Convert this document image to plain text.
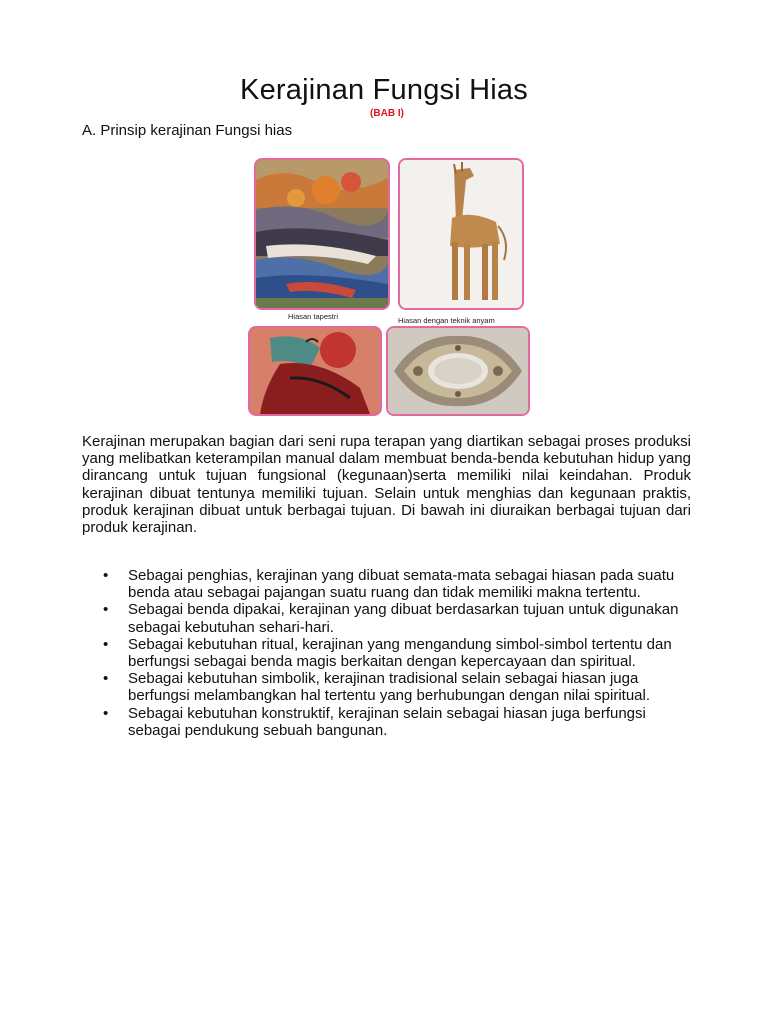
Kerajinan Fungsi Hias
(BAB I)
A. Prinsip kerajinan Fungsi hias
Hiasan tapestri	Hiasan dengan teknik anyam

Kerajinan merupakan bagian dari seni rupa terapan yang diartikan sebagai proses produksi yang melibatkan keterampilan manual dalam membuat benda-benda kebutuhan hidup yang dirancang untuk tujuan fungsional (kegunaan)serta memiliki nilai keindahan. Produk kerajinan dibuat tentunya memiliki tujuan. Selain untuk menghias dan kegunaan praktis, produk kerajinan dibuat untuk berbagai tujuan. Di bawah ini diuraikan berbagai tujuan dari produk kerajinan.

• Sebagai penghias, kerajinan yang dibuat semata-mata sebagai hiasan pada suatu benda atau sebagai pajangan suatu ruang dan tidak memiliki makna tertentu.
• Sebagai benda dipakai, kerajinan yang dibuat berdasarkan tujuan untuk digunakan sebagai kebutuhan sehari-hari.
• Sebagai kebutuhan ritual, kerajinan yang mengandung simbol-simbol tertentu dan berfungsi sebagai benda magis berkaitan dengan kepercayaan dan spiritual.
• Sebagai kebutuhan simbolik, kerajinan tradisional selain sebagai hiasan juga berfungsi melambangkan hal tertentu yang berhubungan dengan nilai spiritual.
• Sebagai kebutuhan konstruktif, kerajinan selain sebagai hiasan juga berfungsi sebagai pendukung sebuah bangunan.
